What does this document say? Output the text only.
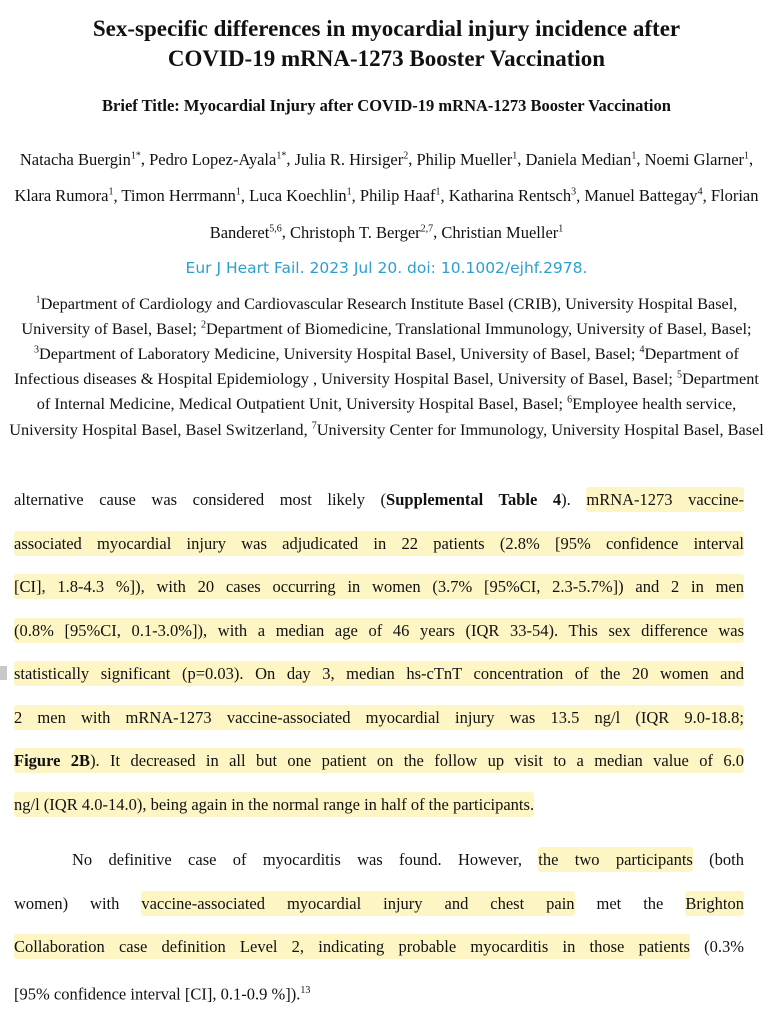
Sex-specific differences in myocardial injury incidence after
COVID-19 mRNA-1273 Booster Vaccination
Brief Title: Myocardial Injury after COVID-19 mRNA-1273 Booster Vaccination
Natacha Buergin$^{1*}$, Pedro Lopez-Ayala$^{1*}$, Julia R. Hirsiger$^2$, Philip Mueller$^1$, Daniela Median$^1$, Noemi Glarner$^1$, Klara Rumora$^1$, Timon Herrmann$^1$, Luca Koechlin$^1$, Philip Haaf$^1$, Katharina Rentsch$^3$, Manuel Battegay$^4$, Florian Banderet$^{5,6}$, Christoph T. Berger$^{2,7}$, Christian Mueller$^1$
Eur J Heart Fail. 2023 Jul 20. doi: 10.1002/ejhf.2978.
$^1$Department of Cardiology and Cardiovascular Research Institute Basel (CRIB), University Hospital Basel, University of Basel, Basel; $^2$Department of Biomedicine, Translational Immunology, University of Basel, Basel; $^3$Department of Laboratory Medicine, University Hospital Basel, University of Basel, Basel; $^4$Department of Infectious diseases & Hospital Epidemiology , University Hospital Basel, University of Basel, Basel; $^5$Department of Internal Medicine, Medical Outpatient Unit, University Hospital Basel, Basel; $^6$Employee health service, University Hospital Basel, Basel Switzerland, $^7$University Center for Immunology, University Hospital Basel, Basel
alternative cause was considered most likely (Supplemental Table 4). mRNA-1273 vaccine-
associated myocardial injury was adjudicated in 22 patients (2.8% [95% confidence interval
[CI], 1.8-4.3 %]), with 20 cases occurring in women (3.7% [95%CI, 2.3-5.7%]) and 2 in men
(0.8% [95%CI, 0.1-3.0%]), with a median age of 46 years (IQR 33-54). This sex difference was
statistically significant (p=0.03). On day 3, median hs-cTnT concentration of the 20 women and
2 men with mRNA-1273 vaccine-associated myocardial injury was 13.5 ng/l (IQR 9.0-18.8;
Figure 2B). It decreased in all but one patient on the follow up visit to a median value of 6.0
ng/l (IQR 4.0-14.0), being again in the normal range in half of the participants.
No definitive case of myocarditis was found. However, the two participants (both
women) with vaccine-associated myocardial injury and chest pain met the Brighton
Collaboration case definition Level 2, indicating probable myocarditis in those patients (0.3%
[95% confidence interval [CI], 0.1-0.9 %]).$^{13}$
